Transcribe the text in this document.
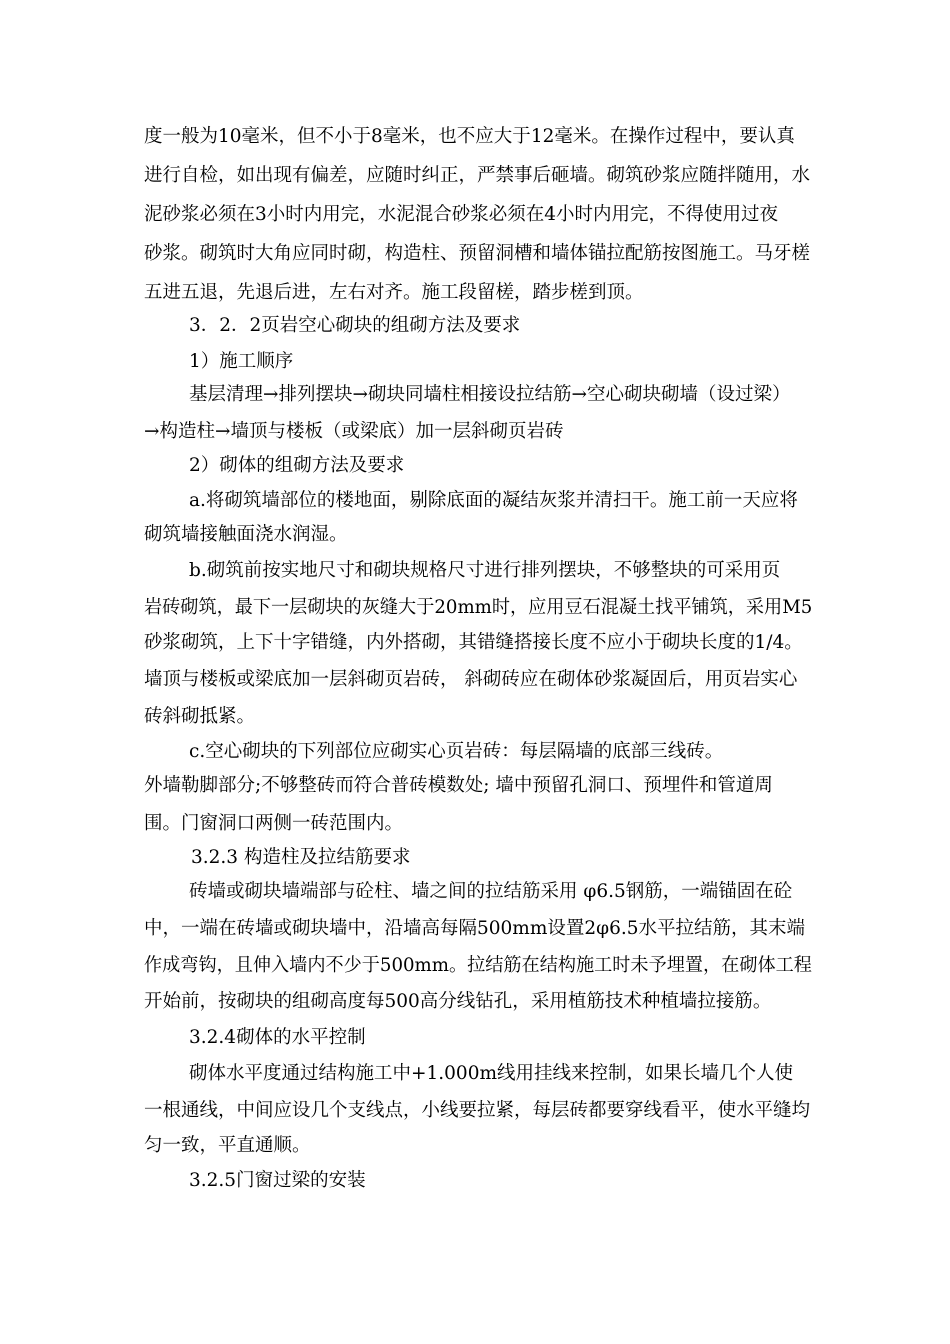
度一般为10毫米，但不小于8毫米，也不应大于12毫米。在操作过程中，要认真

进行自检，如出现有偏差，应随时纠正，严禁事后砸墙。砌筑砂浆应随拌随用，水

泥砂浆必须在3小时内用完，水泥混合砂浆必须在4小时内用完，不得使用过夜

砂浆。砌筑时大角应同时砌，构造柱、预留洞槽和墙体锚拉配筋按图施工。马牙槎

五进五退，先退后进，左右对齐。施工段留槎，踏步槎到顶。

3．2．2页岩空心砌块的组砌方法及要求

1）施工顺序

基层清理→排列摆块→砌块同墙柱相接设拉结筋→空心砌块砌墙（设过梁）

→构造柱→墙顶与楼板（或梁底）加一层斜砌页岩砖

2）砌体的组砌方法及要求

a.将砌筑墙部位的楼地面，剔除底面的凝结灰浆并清扫干。施工前一天应将

砌筑墙接触面浇水润湿。

b.砌筑前按实地尺寸和砌块规格尺寸进行排列摆块，不够整块的可采用页

岩砖砌筑，最下一层砌块的灰缝大于20mm时，应用豆石混凝土找平铺筑，采用M5

砂浆砌筑，上下十字错缝，内外搭砌，其错缝搭接长度不应小于砌块长度的1/4。

墙顶与楼板或梁底加一层斜砌页岩砖， 斜砌砖应在砌体砂浆凝固后，用页岩实心

砖斜砌抵紧。

c.空心砌块的下列部位应砌实心页岩砖：每层隔墙的底部三线砖。

外墙勒脚部分;不够整砖而符合普砖模数处; 墙中预留孔洞口、预埋件和管道周

围。门窗洞口两侧一砖范围内。

3.2.3 构造柱及拉结筋要求

砖墙或砌块墙端部与砼柱、墙之间的拉结筋采用 φ6.5钢筋，一端锚固在砼

中，一端在砖墙或砌块墙中，沿墙高每隔500mm设置2φ6.5水平拉结筋，其末端

作成弯钩，且伸入墙内不少于500mm。拉结筋在结构施工时未予埋置，在砌体工程

开始前，按砌块的组砌高度每500高分线钻孔，采用植筋技术种植墙拉接筋。

3.2.4砌体的水平控制

砌体水平度通过结构施工中+1.000m线用挂线来控制，如果长墙几个人使

一根通线，中间应设几个支线点，小线要拉紧，每层砖都要穿线看平，使水平缝均

匀一致，平直通顺。

3.2.5门窗过梁的安装
